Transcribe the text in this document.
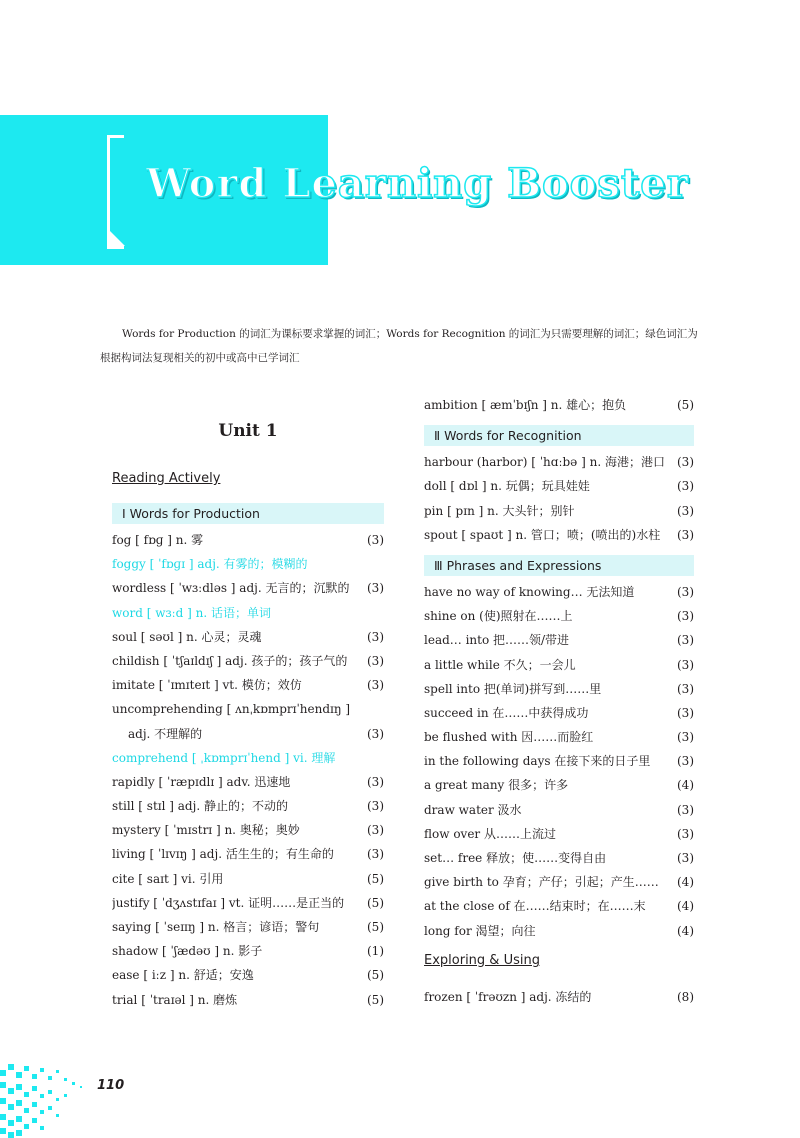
Word Learning Booster

Words for Production 的词汇为课标要求掌握的词汇；Words for Recognition 的词汇为只需要理解的词汇；绿色词汇为根据构词法复现相关的初中或高中已学词汇

Unit 1
Reading Actively
Ⅰ Words for Production
fog [ fɒɡ ] n. 雾	(3)
foggy [ ˈfɒɡɪ ] adj. 有雾的；模糊的
wordless [ ˈwɜːdləs ] adj. 无言的；沉默的 (3)
word [ wɜːd ] n. 话语；单词
soul [ səʊl ] n. 心灵；灵魂	(3)
childish [ ˈtʃaɪldɪʃ ] adj. 孩子的；孩子气的 (3)
imitate [ ˈɪmɪteɪt ] vt. 模仿；效仿	(3)
uncomprehending [ ʌnˌkɒmprɪˈhendɪŋ ]
adj. 不理解的	(3)
comprehend [ ˌkɒmprɪˈhend ] vi. 理解
rapidly [ ˈræpɪdlɪ ] adv. 迅速地	(3)
still [ stɪl ] adj. 静止的；不动的	(3)
mystery [ ˈmɪstrɪ ] n. 奥秘；奥妙	(3)
living [ ˈlɪvɪŋ ] adj. 活生生的；有生命的	(3)
cite [ saɪt ] vi. 引用	(5)
justify [ ˈdʒʌstɪfaɪ ] vt. 证明……是正当的 (5)
saying [ ˈseɪɪŋ ] n. 格言；谚语；警句	(5)
shadow [ ˈʃædəʊ ] n. 影子	(1)
ease [ iːz ] n. 舒适；安逸	(5)
trial [ ˈtraɪəl ] n. 磨炼	(5)
ambition [ æmˈbɪʃn ] n. 雄心；抱负	(5)
Ⅱ Words for Recognition
harbour (harbor) [ ˈhɑːbə ] n. 海港；港口 (3)
doll [ dɒl ] n. 玩偶；玩具娃娃	(3)
pin [ pɪn ] n. 大头针；别针	(3)
spout [ spaʊt ] n. 管口；喷；(喷出的)水柱 (3)
Ⅲ Phrases and Expressions
have no way of knowing… 无法知道	(3)
shine on (使)照射在……上	(3)
lead… into 把……领/带进	(3)
a little while 不久；一会儿	(3)
spell into 把(单词)拼写到……里	(3)
succeed in 在……中获得成功	(3)
be flushed with 因……而脸红	(3)
in the following days 在接下来的日子里 (3)
a great many 很多；许多	(4)
draw water 汲水	(3)
flow over 从……上流过	(3)
set… free 释放；使……变得自由	(3)
give birth to 孕育；产仔；引起；产生…… (4)
at the close of 在……结束时；在……末	(4)
long for 渴望；向往	(4)
Exploring & Using
frozen [ ˈfrəʊzn ] adj. 冻结的	(8)
110
